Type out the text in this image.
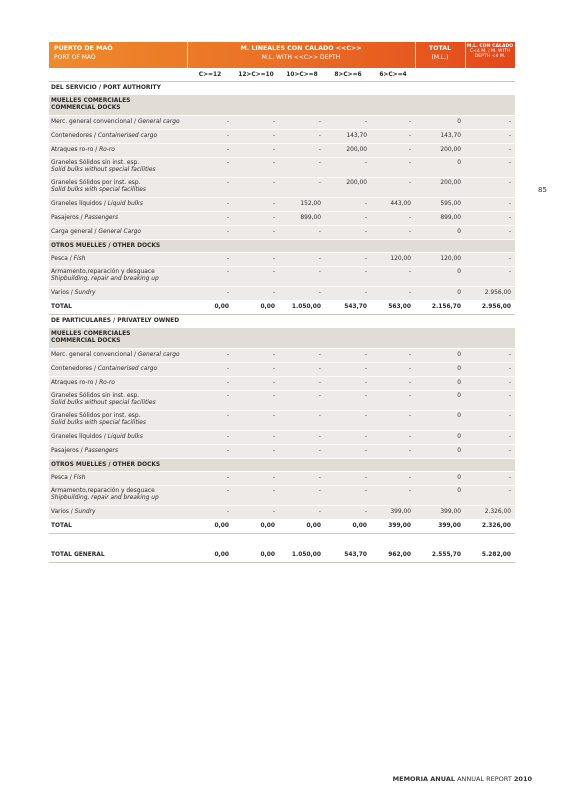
PUERTO DE MAÓ
PORT OF MAÓ
M. LINEALES CON CALADO <<C>>
M.L. WITH <<C>> DEPTH
TOTAL
(M.L.)
M.L. CON CALADO
C<4 M. / M. WITH
DEPTH <4 M.
	C>=12	12>C>=10	10>C>=8	8>C>=6	6>C>=4		
DEL SERVICIO / PORT AUTHORITY							
MUELLES COMERCIALES
COMMERCIAL DOCKS							
Merc. general convencional / General cargo	-	-	-	-	-	0	-
Contenedores / Containerised cargo	-	-	-	143,70	-	143,70	-
Atraques ro-ro / Ro-ro	-	-	-	200,00	-	200,00	-
Graneles Sólidos sin inst. esp.
Solid bulks without special facilities	-	-	-	-	-	0	-
Graneles Sólidos por inst. esp.
Solid bulks with special facilities	-	-	-	200,00	-	200,00	-
Graneles líquidos / Liquid bulks	-	-	152,00	-	443,00	595,00	-
Pasajeros / Passengers	-	-	899,00	-	-	899,00	-
Carga general / General Cargo	-	-	-	-	-	0	-
OTROS MUELLES / OTHER DOCKS							
Pesca / Fish	-	-	-	-	120,00	120,00	-
Armamento,reparación y desguace
Shipbuilding, repair and breaking up	-	-	-	-	-	0	-
Varios / Sundry	-	-	-	-	-	0	2.956,00
TOTAL	0,00	0,00	1.050,00	543,70	563,00	2.156,70	2.956,00
DE PARTICULARES / PRIVATELY OWNED							
MUELLES COMERCIALES
COMMERCIAL DOCKS							
Merc. general convencional / General cargo	-	-	-	-	-	0	-
Contenedores / Containerised cargo	-	-	-	-	-	0	-
Atraques ro-ro / Ro-ro	-	-	-	-	-	0	-
Graneles Sólidos sin inst. esp.
Solid bulks without special facilities	-	-	-	-	-	0	-
Graneles Sólidos por inst. esp.
Solid bulks with special facilities	-	-	-	-	-	0	-
Graneles líquidos / Liquid bulks	-	-	-	-	-	0	-
Pasajeros / Passengers	-	-	-	-	-	0	-
OTROS MUELLES / OTHER DOCKS							
Pesca / Fish	-	-	-	-	-	0	-
Armamento,reparación y desguace
Shipbuilding, repair and breaking up	-	-	-	-	-	0	-
Varios / Sundry	-	-	-	-	399,00	399,00	2.326,00
TOTAL	0,00	0,00	0,00	0,00	399,00	399,00	2.326,00

TOTAL GENERAL	0,00	0,00	1.050,00	543,70	962,00	2.555,70	5.282,00
85
MEMORIA ANUAL ANNUAL REPORT 2010
